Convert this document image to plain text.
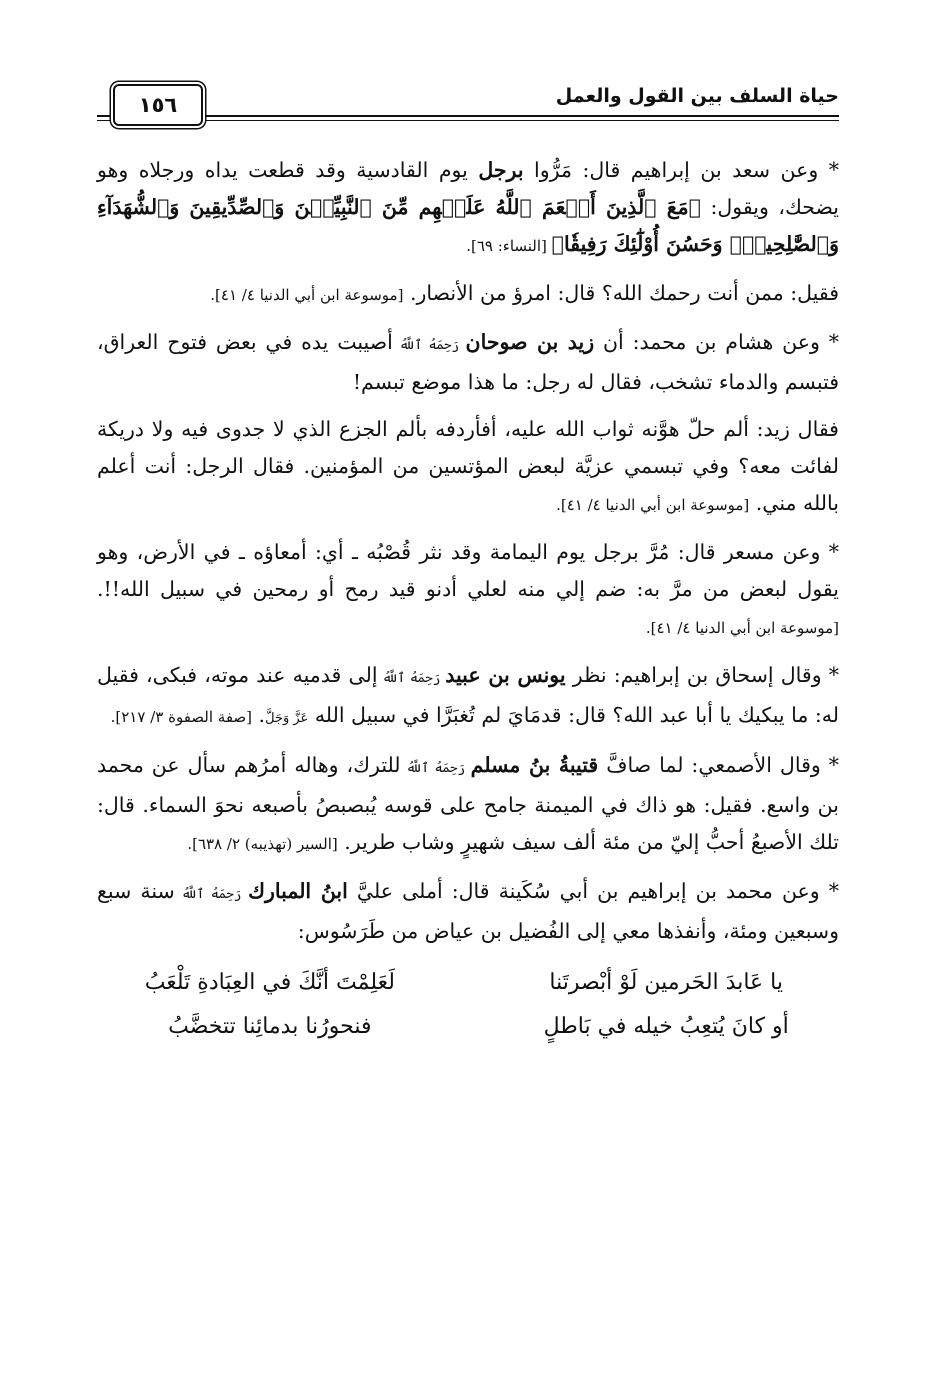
حياة السلف بين القول والعمل
١٥٦

* وعن سعد بن إبراهيم قال: مَرُّوا برجل يوم القادسية وقد قطعت يداه ورجلاه وهو يضحك، ويقول: ﴿مَعَ ٱلَّذِينَ أَنۡعَمَ ٱللَّهُ عَلَيۡهِم مِّنَ ٱلنَّبِيِّـۧنَ وَٱلصِّدِّيقِينَ وَٱلشُّهَدَآءِ وَٱلصَّٰلِحِينَۚ وَحَسُنَ أُوْلَٰٓئِكَ رَفِيقٗا﴾ [النساء: ٦٩].

فقيل: ممن أنت رحمك الله؟ قال: امرؤ من الأنصار. [موسوعة ابن أبي الدنيا ٤/ ٤١].

* وعن هشام بن محمد: أن زيد بن صوحان رَحِمَهُ ٱللَّهُ أصيبت يده في بعض فتوح العراق، فتبسم والدماء تشخب، فقال له رجل: ما هذا موضع تبسم!

فقال زيد: ألم حلّ هوَّنه ثواب الله عليه، أفأردفه بألم الجزع الذي لا جدوى فيه ولا دريكة لفائت معه؟ وفي تبسمي عزيَّة لبعض المؤتسين من المؤمنين. فقال الرجل: أنت أعلم بالله مني. [موسوعة ابن أبي الدنيا ٤/ ٤١].

* وعن مسعر قال: مُرَّ برجل يوم اليمامة وقد نثر قُصْبُه ـ أي: أمعاؤه ـ في الأرض، وهو يقول لبعض من مرَّ به: ضم إلي منه لعلي أدنو قيد رمح أو رمحين في سبيل الله!!. [موسوعة ابن أبي الدنيا ٤/ ٤١].

* وقال إسحاق بن إبراهيم: نظر يونس بن عبيد رَحِمَهُ ٱللَّهُ إلى قدميه عند موته، فبكى، فقيل له: ما يبكيك يا أبا عبد الله؟ قال: قدمَايَ لم تُغبَرَّا في سبيل الله عَزَّ وَجَلَّ. [صفة الصفوة ٣/ ٢١٧].

* وقال الأصمعي: لما صافَّ قتيبةُ بنُ مسلم رَحِمَهُ ٱللَّهُ للترك، وهاله أمرُهم سأل عن محمد بن واسع. فقيل: هو ذاك في الميمنة جامح على قوسه يُبصبصُ بأصبعه نحوَ السماء. قال: تلك الأصبعُ أحبُّ إليّ من مئة ألف سيف شهيرٍ وشاب طرير. [السير (تهذيبه) ٢/ ٦٣٨].

* وعن محمد بن إبراهيم بن أبي سُكَينة قال: أملى عليَّ ابنُ المبارك رَحِمَهُ ٱللَّهُ سنة سبع وسبعين ومئة، وأنفذها معي إلى الفُضيل بن عياض من طَرَسُوس:

يا عَابدَ الحَرمين لَوْ أبْصرتَنا
لَعَلِمْتَ أنَّكَ في العِبَادةِ تَلْعَبُ
أو كانَ يُتعِبُ خيله في بَاطلٍ
فنحورُنا بدمائِنا تتخضَّبُ
